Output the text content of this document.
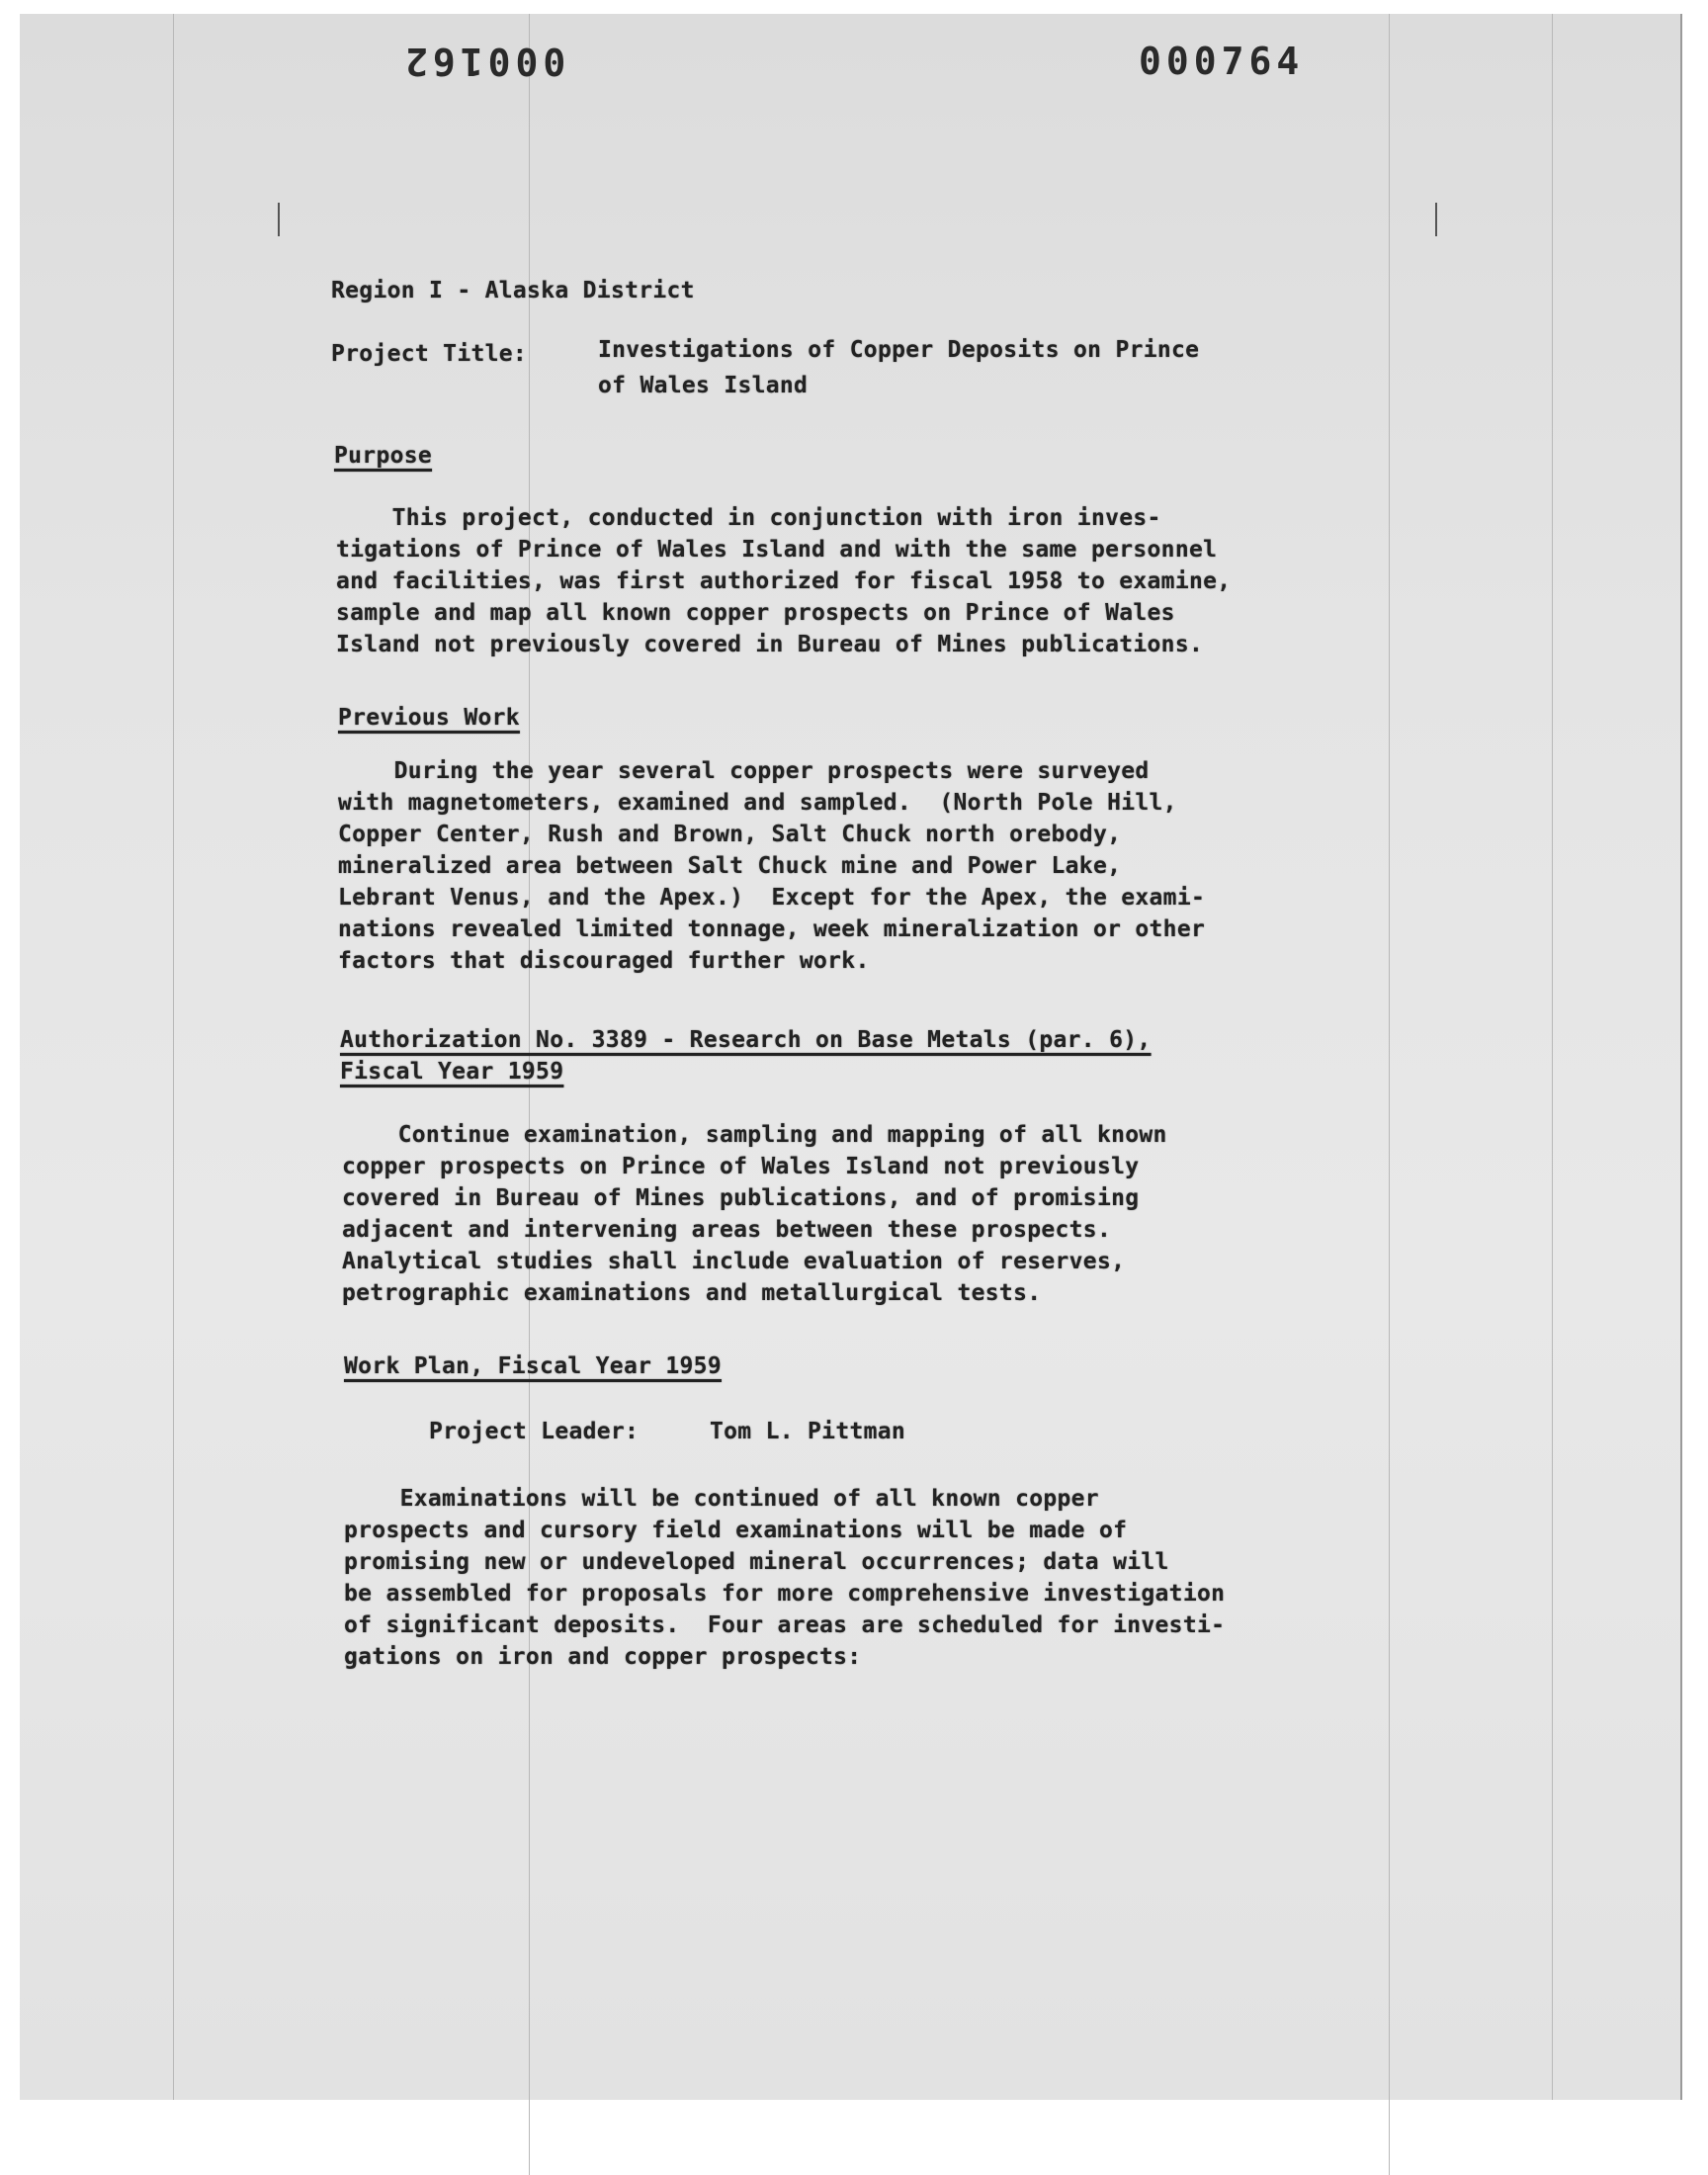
000162	000764
Region I - Alaska District
Project Title:	Investigations of Copper Deposits on Prince
of Wales Island
Purpose
This project, conducted in conjunction with iron inves-
tigations of Prince of Wales Island and with the same personnel
and facilities, was first authorized for fiscal 1958 to examine,
sample and map all known copper prospects on Prince of Wales
Island not previously covered in Bureau of Mines publications.
Previous Work
During the year several copper prospects were surveyed
with magnetometers, examined and sampled.  (North Pole Hill,
Copper Center, Rush and Brown, Salt Chuck north orebody,
mineralized area between Salt Chuck mine and Power Lake,
Lebrant Venus, and the Apex.)  Except for the Apex, the exami-
nations revealed limited tonnage, week mineralization or other
factors that discouraged further work.
Authorization No. 3389 - Research on Base Metals (par. 6),
Fiscal Year 1959
Continue examination, sampling and mapping of all known
copper prospects on Prince of Wales Island not previously
covered in Bureau of Mines publications, and of promising
adjacent and intervening areas between these prospects.
Analytical studies shall include evaluation of reserves,
petrographic examinations and metallurgical tests.
Work Plan, Fiscal Year 1959
Project Leader:	Tom L. Pittman
Examinations will be continued of all known copper
prospects and cursory field examinations will be made of
promising new or undeveloped mineral occurrences; data will
be assembled for proposals for more comprehensive investigation
of significant deposits.  Four areas are scheduled for investi-
gations on iron and copper prospects:
